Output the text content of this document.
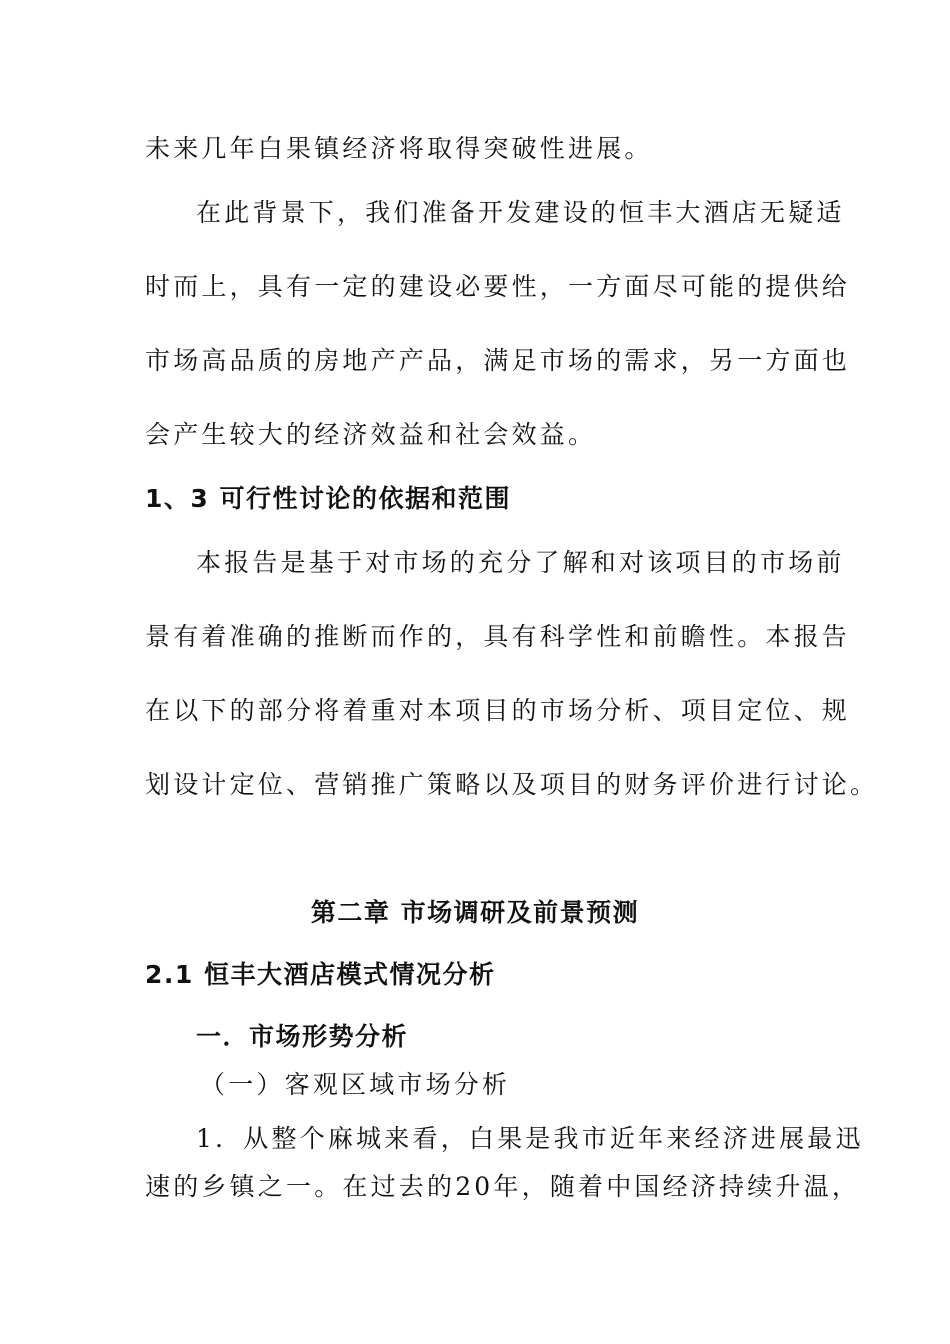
未来几年白果镇经济将取得突破性进展。
在此背景下，我们准备开发建设的恒丰大酒店无疑适
时而上，具有一定的建设必要性，一方面尽可能的提供给
市场高品质的房地产产品，满足市场的需求，另一方面也
会产生较大的经济效益和社会效益。
1、3 可行性讨论的依据和范围
本报告是基于对市场的充分了解和对该项目的市场前
景有着准确的推断而作的，具有科学性和前瞻性。本报告
在以下的部分将着重对本项目的市场分析、项目定位、规
划设计定位、营销推广策略以及项目的财务评价进行讨论。
第二章 市场调研及前景预测
2.1 恒丰大酒店模式情况分析
一．市场形势分析
（一）客观区域市场分析
1．从整个麻城来看，白果是我市近年来经济进展最迅
速的乡镇之一。在过去的20年，随着中国经济持续升温，
